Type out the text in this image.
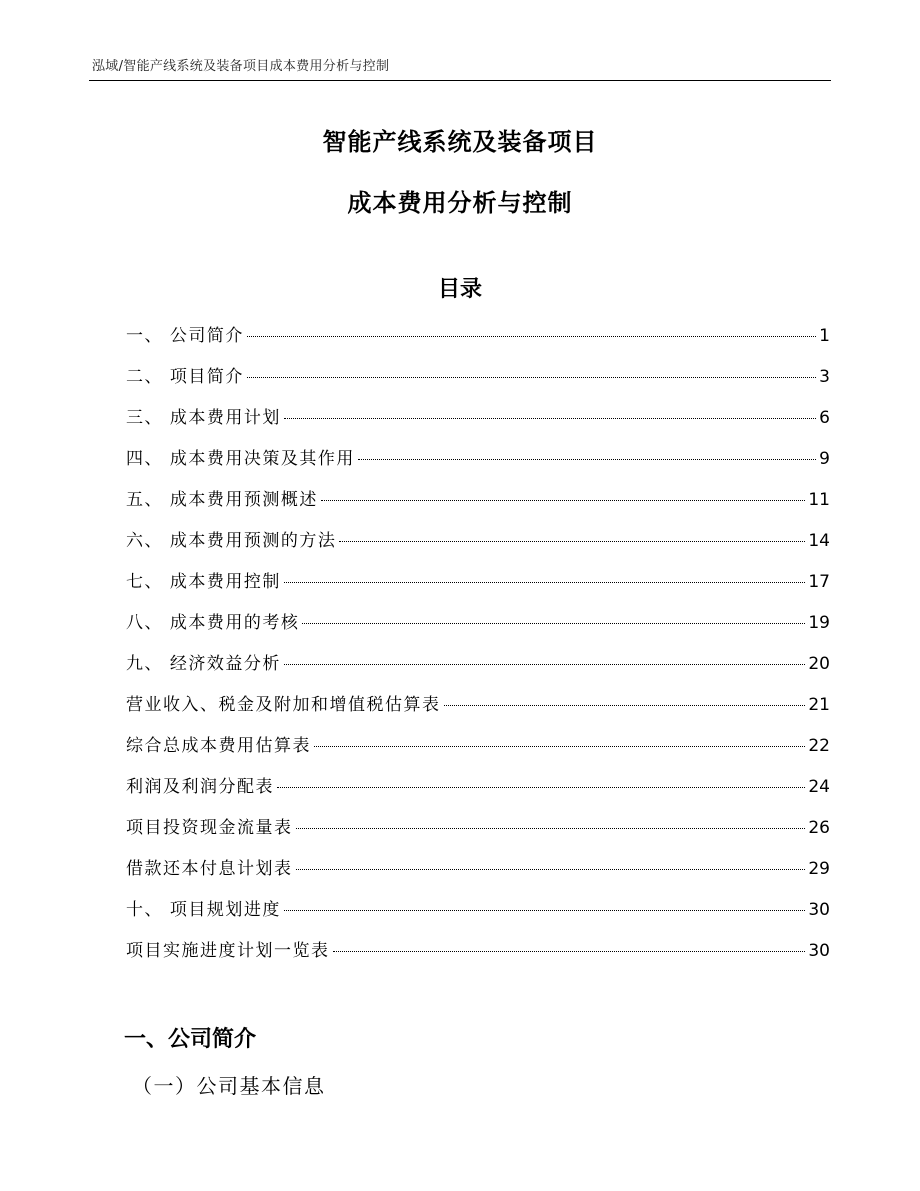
泓域/智能产线系统及装备项目成本费用分析与控制
智能产线系统及装备项目
成本费用分析与控制
目录
一、 公司简介	1
二、 项目简介	3
三、 成本费用计划	6
四、 成本费用决策及其作用	9
五、 成本费用预测概述	11
六、 成本费用预测的方法	14
七、 成本费用控制	17
八、 成本费用的考核	19
九、 经济效益分析	20
营业收入、税金及附加和增值税估算表	21
综合总成本费用估算表	22
利润及利润分配表	24
项目投资现金流量表	26
借款还本付息计划表	29
十、 项目规划进度	30
项目实施进度计划一览表	30
一、公司简介
（一）公司基本信息
